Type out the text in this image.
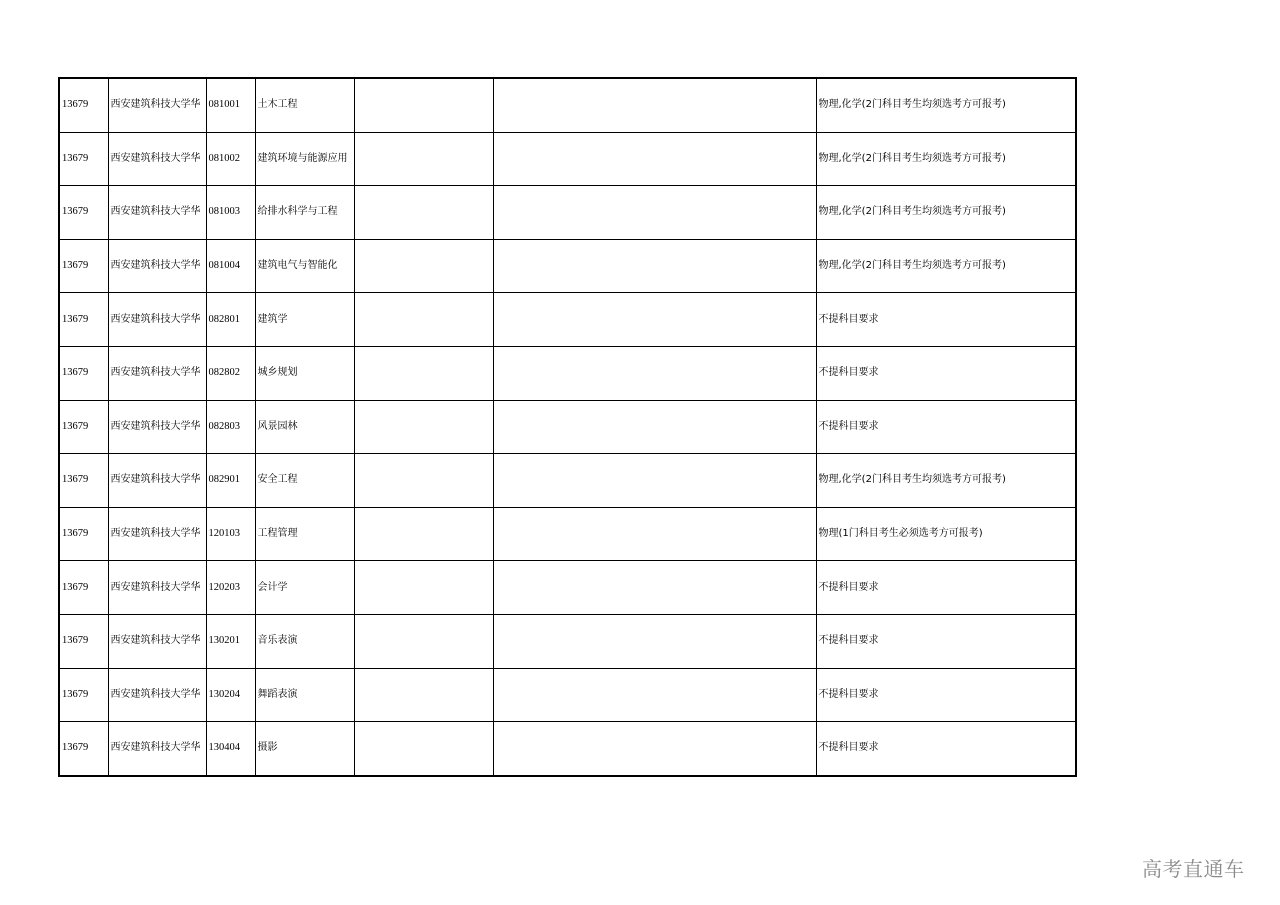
13679	西安建筑科技大学华	081001	土木工程			物理,化学(2门科目考生均须选考方可报考)
13679	西安建筑科技大学华	081002	建筑环境与能源应用			物理,化学(2门科目考生均须选考方可报考)
13679	西安建筑科技大学华	081003	给排水科学与工程			物理,化学(2门科目考生均须选考方可报考)
13679	西安建筑科技大学华	081004	建筑电气与智能化			物理,化学(2门科目考生均须选考方可报考)
13679	西安建筑科技大学华	082801	建筑学			不提科目要求
13679	西安建筑科技大学华	082802	城乡规划			不提科目要求
13679	西安建筑科技大学华	082803	风景园林			不提科目要求
13679	西安建筑科技大学华	082901	安全工程			物理,化学(2门科目考生均须选考方可报考)
13679	西安建筑科技大学华	120103	工程管理			物理(1门科目考生必须选考方可报考)
13679	西安建筑科技大学华	120203	会计学			不提科目要求
13679	西安建筑科技大学华	130201	音乐表演			不提科目要求
13679	西安建筑科技大学华	130204	舞蹈表演			不提科目要求
13679	西安建筑科技大学华	130404	摄影			不提科目要求
高考直通车
